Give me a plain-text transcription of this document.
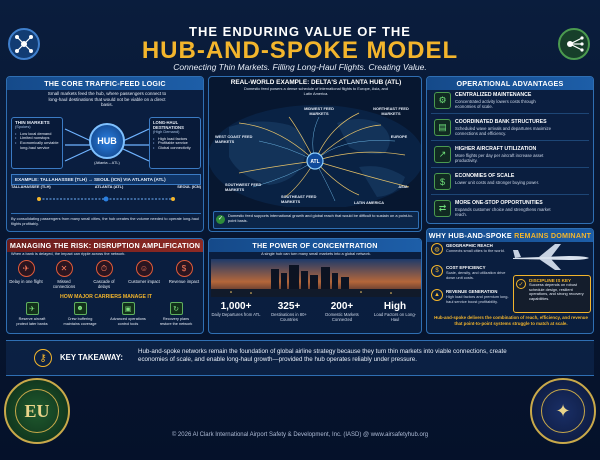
THE ENDURING VALUE OF THE
HUB-AND-SPOKE MODEL
Connecting Thin Markets. Filling Long-Haul Flights. Creating Value.
THE CORE TRAFFIC-FEED LOGIC
Small markets feed the hub, where passengers connect to long-haul destinations that would not be viable on a direct basis.
THIN MARKETS
(Spokes)
• Low local demand
• Limited nonstops
• Economically unviable long-haul service
HUB
(Atlanta – ATL)
LONG-HAUL DESTINATIONS
(High Demand)
• High load factors
• Profitable service
• Global connectivity
EXAMPLE: TALLAHASSEE (TLH) → SEOUL (ICN) VIA ATLANTA (ATL)
TALLAHASSEE (TLH)	ATLANTA (ATL)	SEOUL (ICN)
By consolidating passengers from many small cities, the hub creates the volume needed to operate long-haul flights profitably.
REAL-WORLD EXAMPLE: DELTA'S ATLANTA HUB (ATL)
Domestic feed powers a dense schedule of international flights to Europe, Asia, and Latin America.
ATL
WEST COAST FEED MARKETS
MIDWEST FEED MARKETS
NORTHEAST FEED MARKETS
EUROPE
SOUTHWEST FEED MARKETS
SOUTHEAST FEED MARKETS
ASIA
LATIN AMERICA
✓
Domestic feed supports international growth and global reach that would be difficult to sustain on a point-to-point basis.
OPERATIONAL ADVANTAGES
⚙	CENTRALIZED MAINTENANCE
Concentrated activity lowers costs through economies of scale.
▤	COORDINATED BANK STRUCTURES
Scheduled wave arrivals and departures maximize connections and efficiency.
↗	HIGHER AIRCRAFT UTILIZATION
More flights per day per aircraft increase asset productivity.
$
ECONOMIES OF SCALE
Lower unit costs and stronger buying power.
⇄	MORE ONE-STOP OPPORTUNITIES
Expands customer choice and strengthens market reach.
MANAGING THE RISK: DISRUPTION AMPLIFICATION
When a bank is delayed, the impact can ripple across the network.
✈
Delay in one flight
✕
Missed connections
⏱
Cascade of delays
☺
Customer impact
$
Revenue impact
HOW MAJOR CARRIERS MANAGE IT
✈
Reserve aircraft protect later banks
☻
Crew buffering maintains coverage
▣
Advanced operations control tools
↻
Recovery plans restore the network
THE POWER OF CONCENTRATION
A single hub can turn many small markets into a global network.
1,000+
Daily Departures from ATL
325+
Destinations in 80+ Countries
200+
Domestic Markets Connected
High
Load Factors on Long-Haul
WHY HUB-AND-SPOKE REMAINS DOMINANT
◍
GEOGRAPHIC REACH
Connects small cities to the world.
$
COST EFFICIENCY
Scale, density, and utilization drive down unit costs.
▲
REVENUE GENERATION
High load factors and premium long-haul service boost profitability.
✓
DISCIPLINE IS KEY
Success depends on robust schedule design, resilient operations, and strong recovery capabilities.
Hub-and-spoke delivers the combination of reach, efficiency, and revenue that point-to-point systems struggle to match at scale.
⚷	KEY TAKEAWAY:
Hub-and-spoke networks remain the foundation of global airline strategy because they turn thin markets into viable connections, create economies of scale, and enable long-haul growth—provided the hub operates reliably under pressure.
EU	✦
© 2026 Al Clark International Airport Safety & Development, Inc. (IASD) @ www.airsafetyhub.org
